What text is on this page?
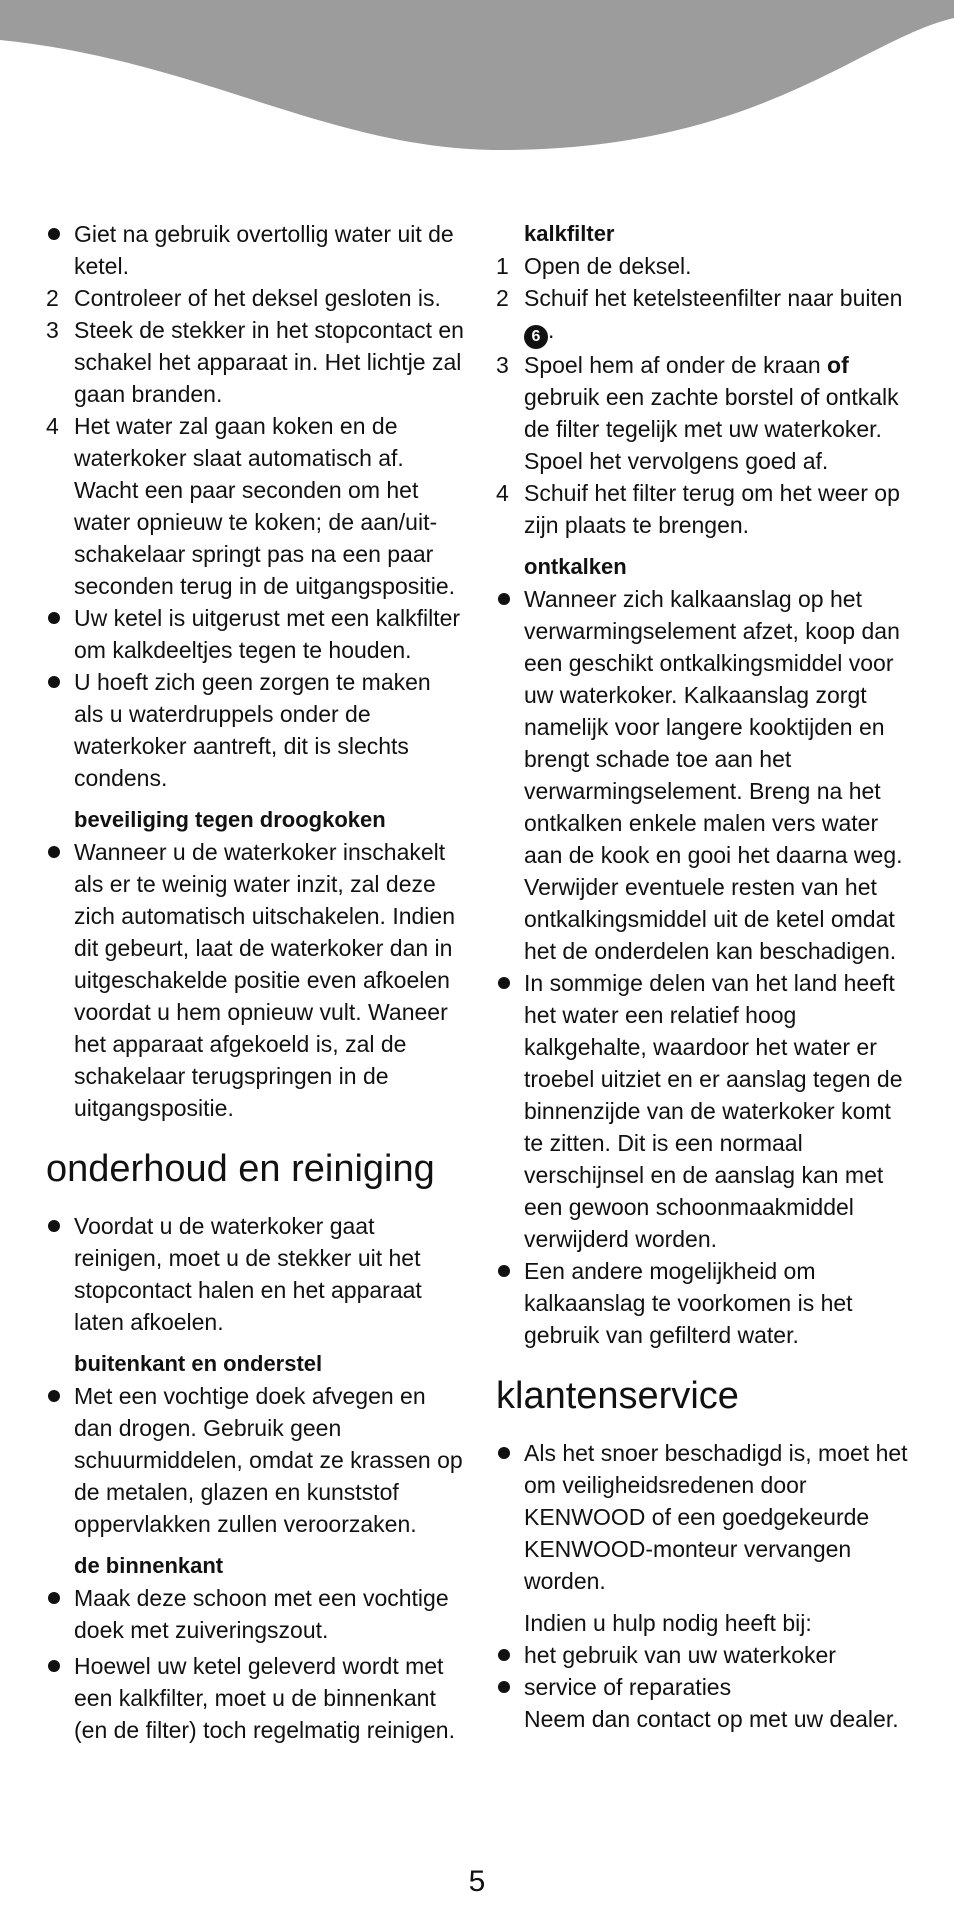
Giet na gebruik overtollig water uit de ketel.
2 Controleer of het deksel gesloten is.
3 Steek de stekker in het stopcontact en schakel het apparaat in. Het lichtje zal gaan branden.
4 Het water zal gaan koken en de waterkoker slaat automatisch af. Wacht een paar seconden om het water opnieuw te koken; de aan/uit-schakelaar springt pas na een paar seconden terug in de uitgangspositie.
Uw ketel is uitgerust met een kalkfilter om kalkdeeltjes tegen te houden.
U hoeft zich geen zorgen te maken als u waterdruppels onder de waterkoker aantreft, dit is slechts condens.
beveiliging tegen droogkoken
Wanneer u de waterkoker inschakelt als er te weinig water inzit, zal deze zich automatisch uitschakelen. Indien dit gebeurt, laat de waterkoker dan in uitgeschakelde positie even afkoelen voordat u hem opnieuw vult. Waneer het apparaat afgekoeld is, zal de schakelaar terugspringen in de uitgangspositie.
onderhoud en reiniging
Voordat u de waterkoker gaat reinigen, moet u de stekker uit het stopcontact halen en het apparaat laten afkoelen.
buitenkant en onderstel
Met een vochtige doek afvegen en dan drogen. Gebruik geen schuurmiddelen, omdat ze krassen op de metalen, glazen en kunststof oppervlakken zullen veroorzaken.
de binnenkant
Maak deze schoon met een vochtige doek met zuiveringszout.
Hoewel uw ketel geleverd wordt met een kalkfilter, moet u de binnenkant (en de filter) toch regelmatig reinigen.
kalkfilter
1 Open de deksel.
2 Schuif het ketelsteenfilter naar buiten 6 .
3 Spoel hem af onder de kraan of gebruik een zachte borstel of ontkalk de filter tegelijk met uw waterkoker. Spoel het vervolgens goed af.
4 Schuif het filter terug om het weer op zijn plaats te brengen.
ontkalken
Wanneer zich kalkaanslag op het verwarmingselement afzet, koop dan een geschikt ontkalkingsmiddel voor uw waterkoker. Kalkaanslag zorgt namelijk voor langere kooktijden en brengt schade toe aan het verwarmingselement. Breng na het ontkalken enkele malen vers water aan de kook en gooi het daarna weg. Verwijder eventuele resten van het ontkalkingsmiddel uit de ketel omdat het de onderdelen kan beschadigen.
In sommige delen van het land heeft het water een relatief hoog kalkgehalte, waardoor het water er troebel uitziet en er aanslag tegen de binnenzijde van de waterkoker komt te zitten. Dit is een normaal verschijnsel en de aanslag kan met een gewoon schoonmaakmiddel verwijderd worden.
Een andere mogelijkheid om kalkaanslag te voorkomen is het gebruik van gefilterd water.
klantenservice
Als het snoer beschadigd is, moet het om veiligheidsredenen door KENWOOD of een goedgekeurde KENWOOD-monteur vervangen worden.
Indien u hulp nodig heeft bij:
het gebruik van uw waterkoker
service of reparaties
Neem dan contact op met uw dealer.
5
